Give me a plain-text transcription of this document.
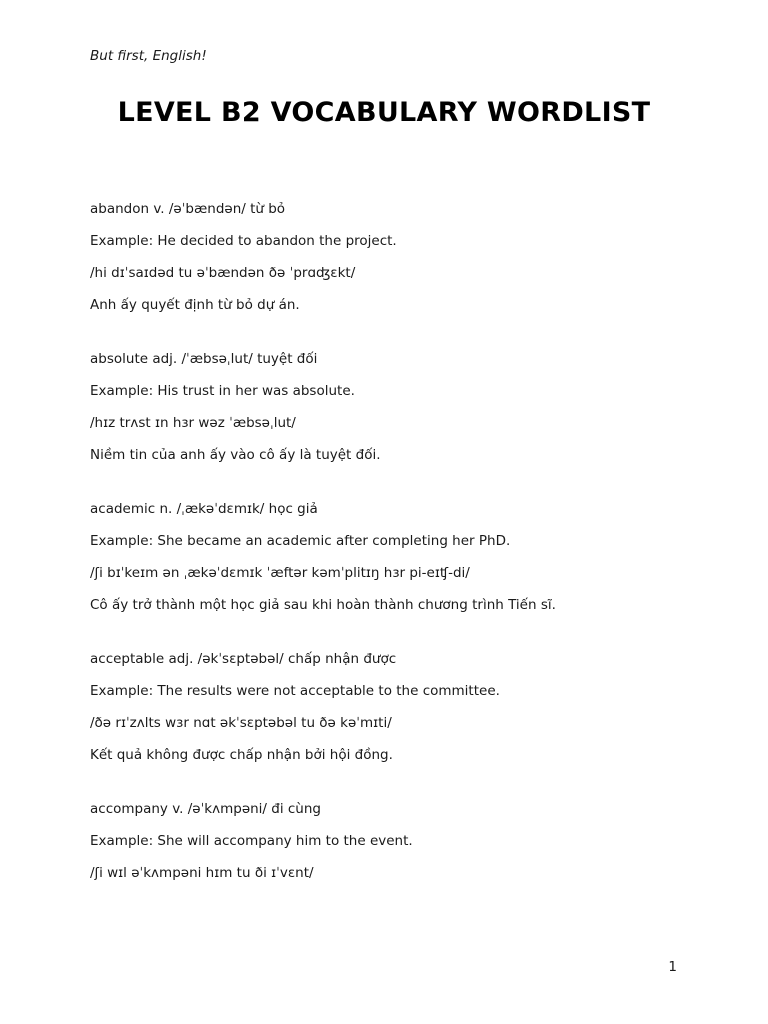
But first, English!
LEVEL B2 VOCABULARY WORDLIST

abandon v. /əˈbændən/ từ bỏ

Example: He decided to abandon the project.

/hi dɪˈsaɪdəd tu əˈbændən ðə ˈprɑʤɛkt/

Anh ấy quyết định từ bỏ dự án.

absolute adj. /ˈæbsəˌlut/ tuyệt đối

Example: His trust in her was absolute.

/hɪz trʌst ɪn hɜr wəz ˈæbsəˌlut/

Niềm tin của anh ấy vào cô ấy là tuyệt đối.

academic n. /ˌækəˈdɛmɪk/ học giả

Example: She became an academic after completing her PhD.

/ʃi bɪˈkeɪm ən ˌækəˈdɛmɪk ˈæftər kəmˈplitɪŋ hɜr pi-eɪʧ-di/

Cô ấy trở thành một học giả sau khi hoàn thành chương trình Tiến sĩ.

acceptable adj. /əkˈsɛptəbəl/ chấp nhận được

Example: The results were not acceptable to the committee.

/ðə rɪˈzʌlts wɜr nɑt əkˈsɛptəbəl tu ðə kəˈmɪti/

Kết quả không được chấp nhận bởi hội đồng.

accompany v. /əˈkʌmpəni/ đi cùng

Example: She will accompany him to the event.

/ʃi wɪl əˈkʌmpəni hɪm tu ði ɪˈvɛnt/

1
